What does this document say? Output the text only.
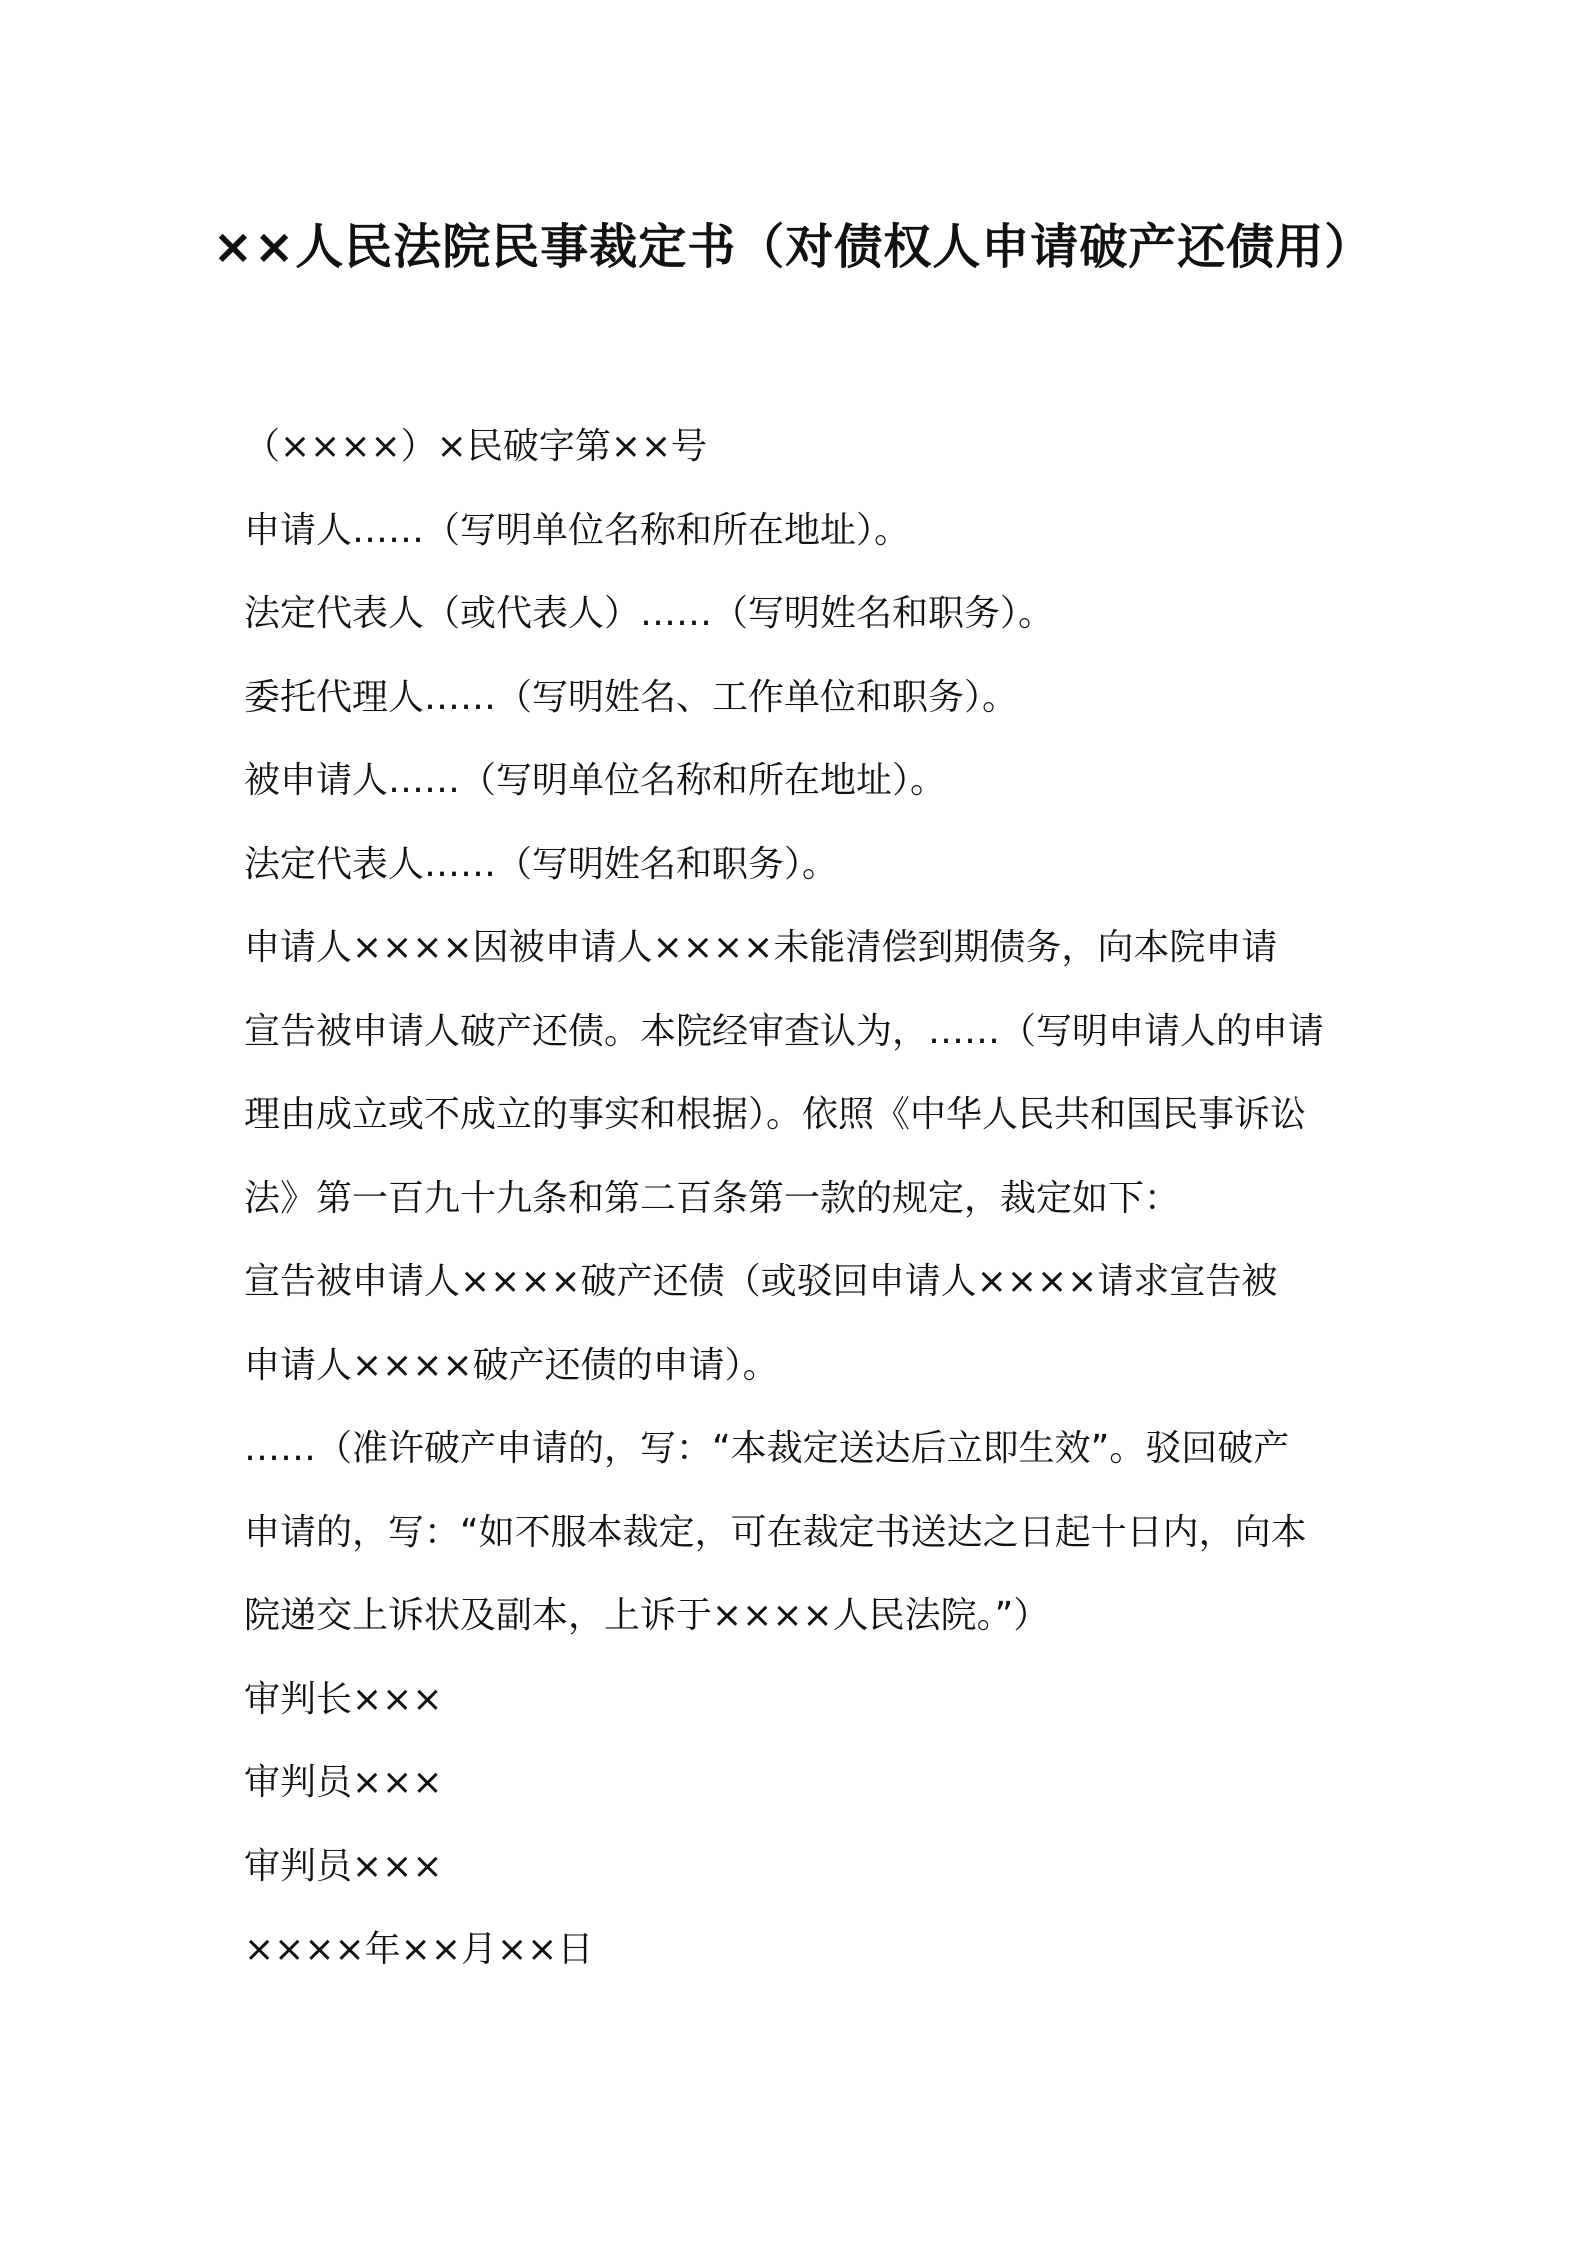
××人民法院民事裁定书（对债权人申请破产还债用）
（××××）×民破字第××号
申请人……（写明单位名称和所在地址）。
法定代表人（或代表人）……（写明姓名和职务）。
委托代理人……（写明姓名、工作单位和职务）。
被申请人……（写明单位名称和所在地址）。
法定代表人……（写明姓名和职务）。
申请人××××因被申请人××××未能清偿到期债务，向本院申请
宣告被申请人破产还债。本院经审查认为，……（写明申请人的申请
理由成立或不成立的事实和根据）。依照《中华人民共和国民事诉讼
法》第一百九十九条和第二百条第一款的规定，裁定如下：
宣告被申请人××××破产还债（或驳回申请人××××请求宣告被
申请人××××破产还债的申请）。
……（准许破产申请的，写：“本裁定送达后立即生效”。驳回破产
申请的，写：“如不服本裁定，可在裁定书送达之日起十日内，向本
院递交上诉状及副本，上诉于××××人民法院。”）
审判长×××
审判员×××
审判员×××
××××年××月××日
